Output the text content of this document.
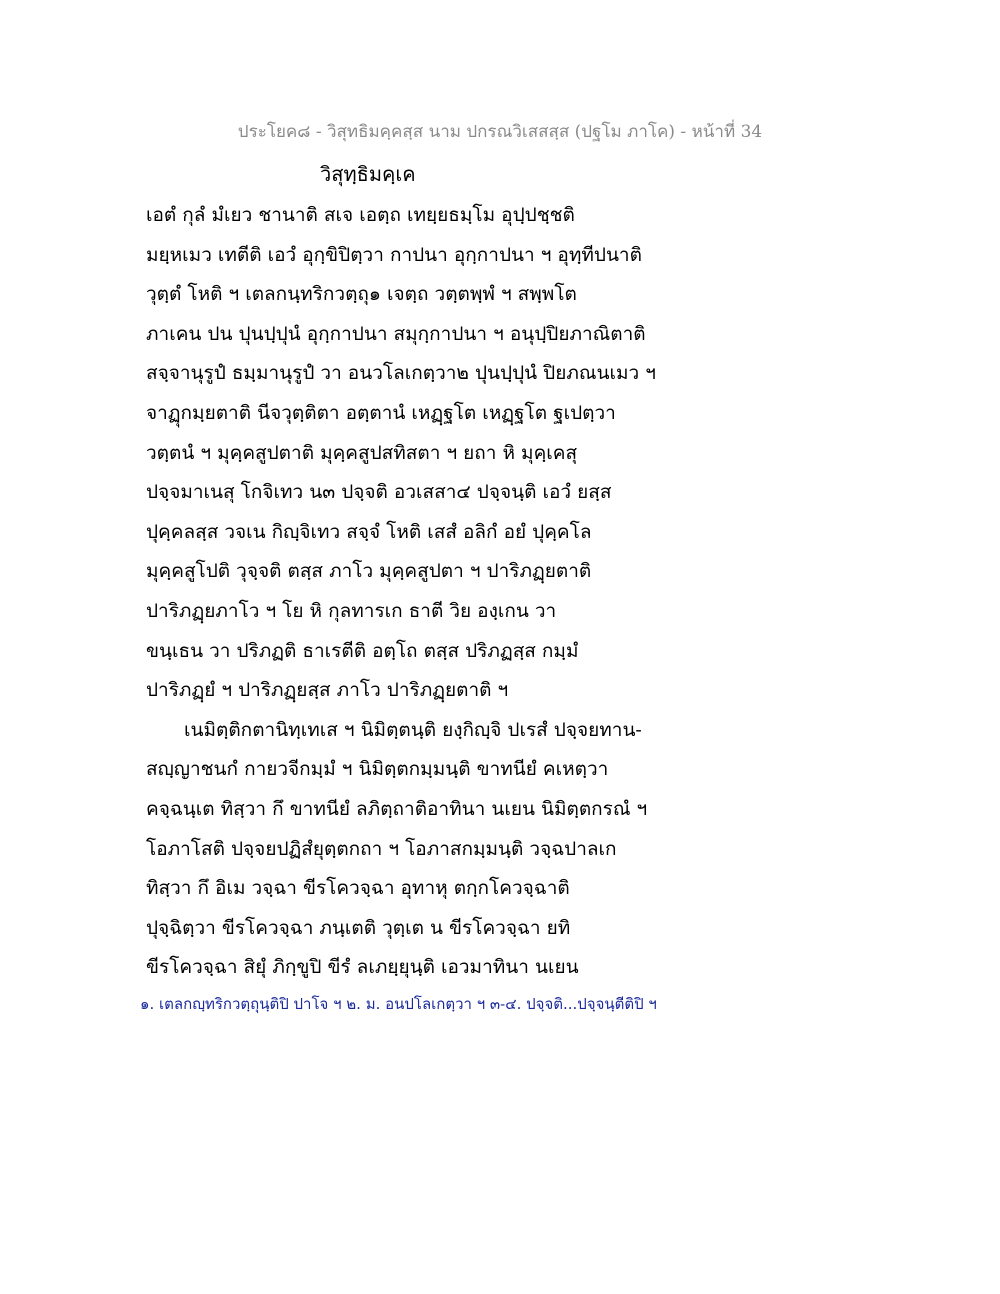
ประโยค๘ - วิสุทธิมคฺคสฺส นาม ปกรณวิเสสสฺส (ปฐโม ภาโค) - หน้าที่ 34
วิสุทฺธิมคฺเค
เอตํ กุลํ มํเยว ชานาติ สเจ เอตฺถ เทยฺยธมฺโม อุปฺปชฺชติ
มยฺหเมว เทตีติ เอวํ อุกฺขิปิตฺวา กาปนา อุกฺกาปนา ฯ อุทฺทีปนาติ
วุตฺตํ โหติ ฯ เตลกนฺทริกวตฺถุ๑ เจตฺถ วตฺตพฺพํ ฯ สพฺพโต
ภาเคน ปน ปุนปฺปุนํ อุกฺกาปนา สมุกฺกาปนา ฯ อนุปฺปิยภาณิตาติ
สจฺจานุรูปํ ธมฺมานุรูปํ วา อนวโลเกตฺวา๒ ปุนปฺปุนํ ปิยภณนเมว ฯ
จาฏุกมฺยตาติ นีจวุตฺติตา อตฺตานํ เหฏฺฐโต เหฏฺฐโต ฐเปตฺวา
วตฺตนํ ฯ มุคฺคสูปตาติ มุคฺคสูปสทิสตา ฯ ยถา หิ มุคฺเคสุ
ปจฺจมาเนสุ โกจิเทว น๓ ปจฺจติ อวเสสา๔ ปจฺจนฺติ เอวํ ยสฺส
ปุคฺคลสฺส วจเน กิญฺจิเทว สจฺจํ โหติ เสสํ อลิกํ อยํ ปุคฺคโล
มุคฺคสูโปติ วุจฺจติ ตสฺส ภาโว มุคฺคสูปตา ฯ ปาริภฏฺยตาติ
ปาริภฏฺยภาโว ฯ โย หิ กุลทารเก ธาตี วิย องฺเกน วา
ขนฺเธน วา ปริภฏติ ธาเรตีติ อตฺโถ ตสฺส ปริภฏสฺส กมฺมํ
ปาริภฏฺยํ ฯ ปาริภฏฺยสฺส ภาโว ปาริภฏฺยตาติ ฯ
เนมิตฺติกตานิทฺเทเส ฯ นิมิตฺตนฺติ ยงฺกิญฺจิ ปเรสํ ปจฺจยทาน-
สญฺญาชนกํ กายวจีกมฺมํ ฯ นิมิตฺตกมฺมนฺติ ขาทนียํ คเหตฺวา
คจฺฉนฺเต ทิสฺวา กึ ขาทนียํ ลภิตฺถาติอาทินา นเยน นิมิตฺตกรณํ ฯ
โอภาโสติ ปจฺจยปฏิสํยุตฺตกถา ฯ โอภาสกมฺมนฺติ วจฺฉปาลเก
ทิสฺวา กึ อิเม วจฺฉา ขีรโควจฺฉา อุทาหุ ตกฺกโควจฺฉาติ
ปุจฺฉิตฺวา ขีรโควจฺฉา ภนฺเตติ วุตฺเต น ขีรโควจฺฉา ยทิ
ขีรโควจฺฉา สิยุํ ภิกฺขูปิ ขีรํ ลเภยฺยุนฺติ เอวมาทินา นเยน
๑. เตลกญฺทริกวตฺถุนฺติปิ ปาโจ ฯ ๒. ม. อนปโลเกตฺวา ฯ ๓-๔. ปจฺจติ...ปจฺจนฺตีติปิ ฯ
